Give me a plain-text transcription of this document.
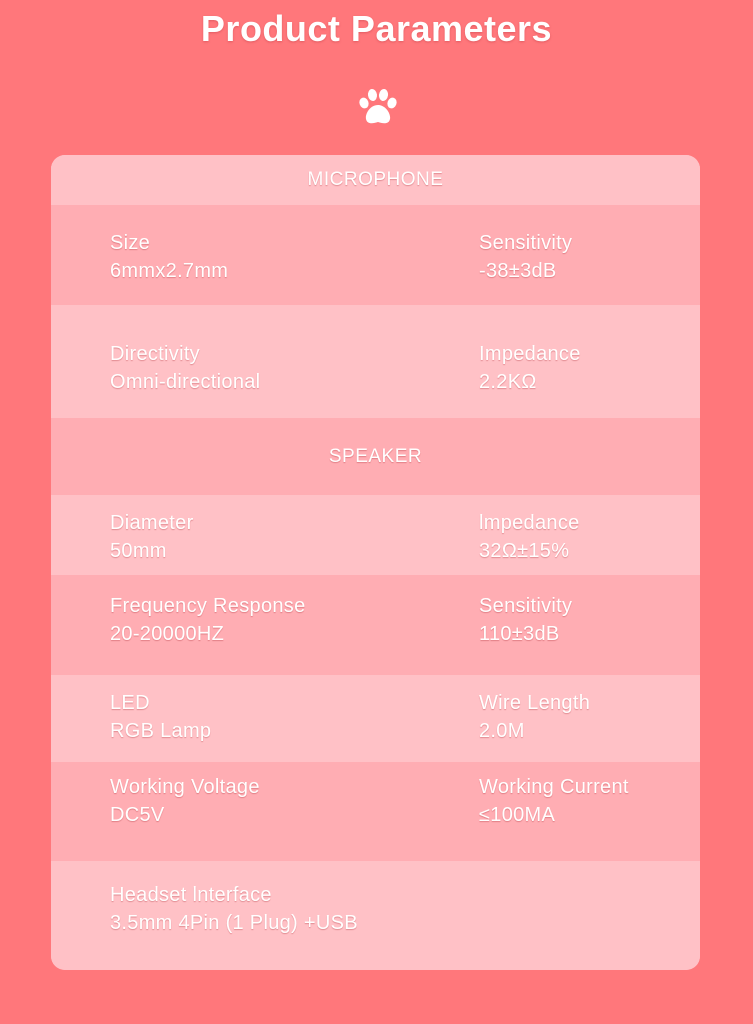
Product Parameters
MICROPHONE
Size
6mmx2.7mm
Sensitivity
-38±3dB
Directivity
Omni-directional
Impedance
2.2KΩ
SPEAKER
Diameter
50mm
lmpedance
32Ω±15%
Frequency Response
20-20000HZ
Sensitivity
110±3dB
LED
RGB Lamp
Wire Length
2.0M
Working Voltage
DC5V
Working Current
≤100MA
Headset lnterface
3.5mm 4Pin (1 Plug) +USB
